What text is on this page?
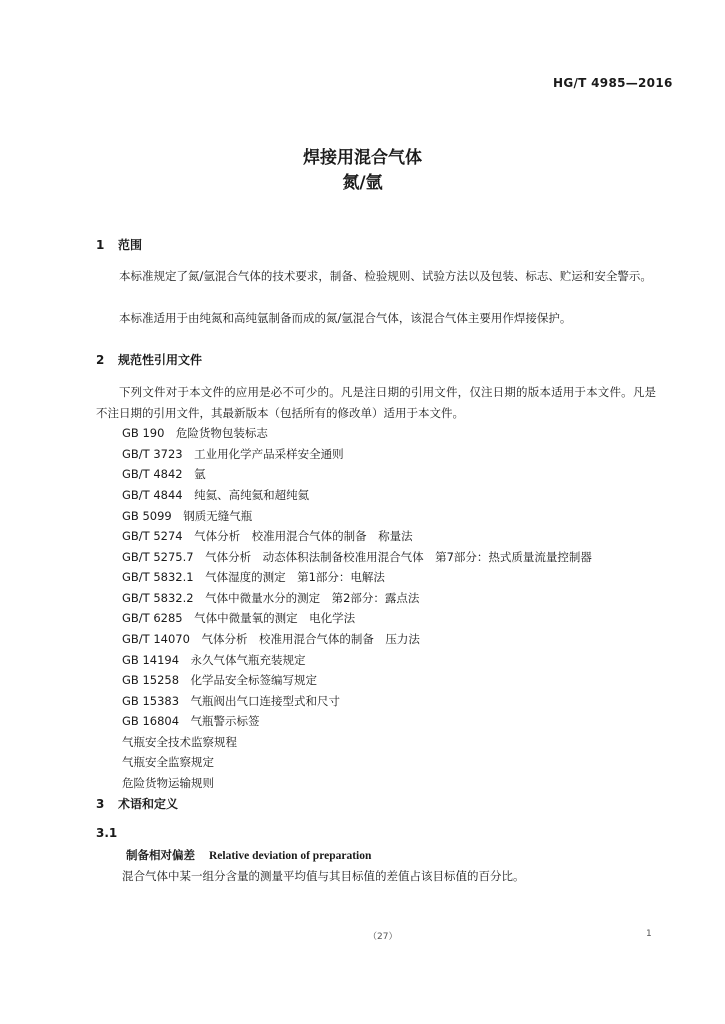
HG/T 4985—2016
焊接用混合气体
氮/氩
1 范围
本标准规定了氮/氩混合气体的技术要求，制备、检验规则、试验方法以及包装、标志、贮运和安全警示。
本标准适用于由纯氮和高纯氩制备而成的氮/氩混合气体，该混合气体主要用作焊接保护。
2 规范性引用文件
下列文件对于本文件的应用是必不可少的。凡是注日期的引用文件，仅注日期的版本适用于本文件。凡是不注日期的引用文件，其最新版本（包括所有的修改单）适用于本文件。
GB 190　危险货物包装标志
GB/T 3723　工业用化学产品采样安全通则
GB/T 4842　氩
GB/T 4844　纯氦、高纯氦和超纯氦
GB 5099　钢质无缝气瓶
GB/T 5274　气体分析　校准用混合气体的制备　称量法
GB/T 5275.7　气体分析　动态体积法制备校准用混合气体　第7部分：热式质量流量控制器
GB/T 5832.1　气体湿度的测定　第1部分：电解法
GB/T 5832.2　气体中微量水分的测定　第2部分：露点法
GB/T 6285　气体中微量氧的测定　电化学法
GB/T 14070　气体分析　校准用混合气体的制备　压力法
GB 14194　永久气体气瓶充装规定
GB 15258　化学品安全标签编写规定
GB 15383　气瓶阀出气口连接型式和尺寸
GB 16804　气瓶警示标签
气瓶安全技术监察规程
气瓶安全监察规定
危险货物运输规则
3 术语和定义
3.1
制备相对偏差 Relative deviation of preparation
混合气体中某一组分含量的测量平均值与其目标值的差值占该目标值的百分比。
（27）	1
